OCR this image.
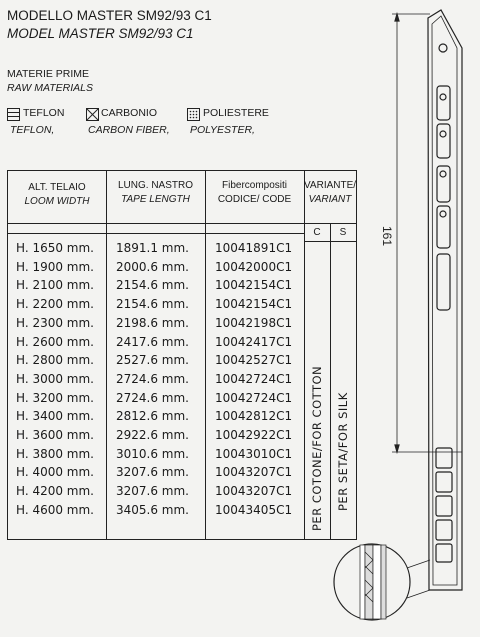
MODELLO MASTER SM92/93 C1
MODEL MASTER SM92/93 C1
MATERIE PRIME
RAW MATERIALS
TEFLON
TEFLON,
CARBONIO
CARBON FIBER,
POLIESTERE
POLYESTER,
ALT. TELAIO
LOOM WIDTH
LUNG. NASTRO
TAPE LENGTH
Fibercompositi
CODICE/ CODE
VARIANTE/
VARIANT
C	S
H. 1650 mm. 1891.1 mm. 10041891C1
H. 1900 mm. 2000.6 mm. 10042000C1
H. 2100 mm. 2154.6 mm. 10042154C1
H. 2200 mm. 2154.6 mm. 10042154C1
H. 2300 mm. 2198.6 mm. 10042198C1
H. 2600 mm. 2417.6 mm. 10042417C1
H. 2800 mm. 2527.6 mm. 10042527C1
H. 3000 mm. 2724.6 mm. 10042724C1
H. 3200 mm. 2724.6 mm. 10042724C1
H. 3400 mm. 2812.6 mm. 10042812C1
H. 3600 mm. 2922.6 mm. 10042922C1
H. 3800 mm. 3010.6 mm. 10043010C1
H. 4000 mm. 3207.6 mm. 10043207C1
H. 4200 mm. 3207.6 mm. 10043207C1
H. 4600 mm. 3405.6 mm. 10043405C1 PER COTONE/FOR COTTON PER SETA/FOR SILK
161
